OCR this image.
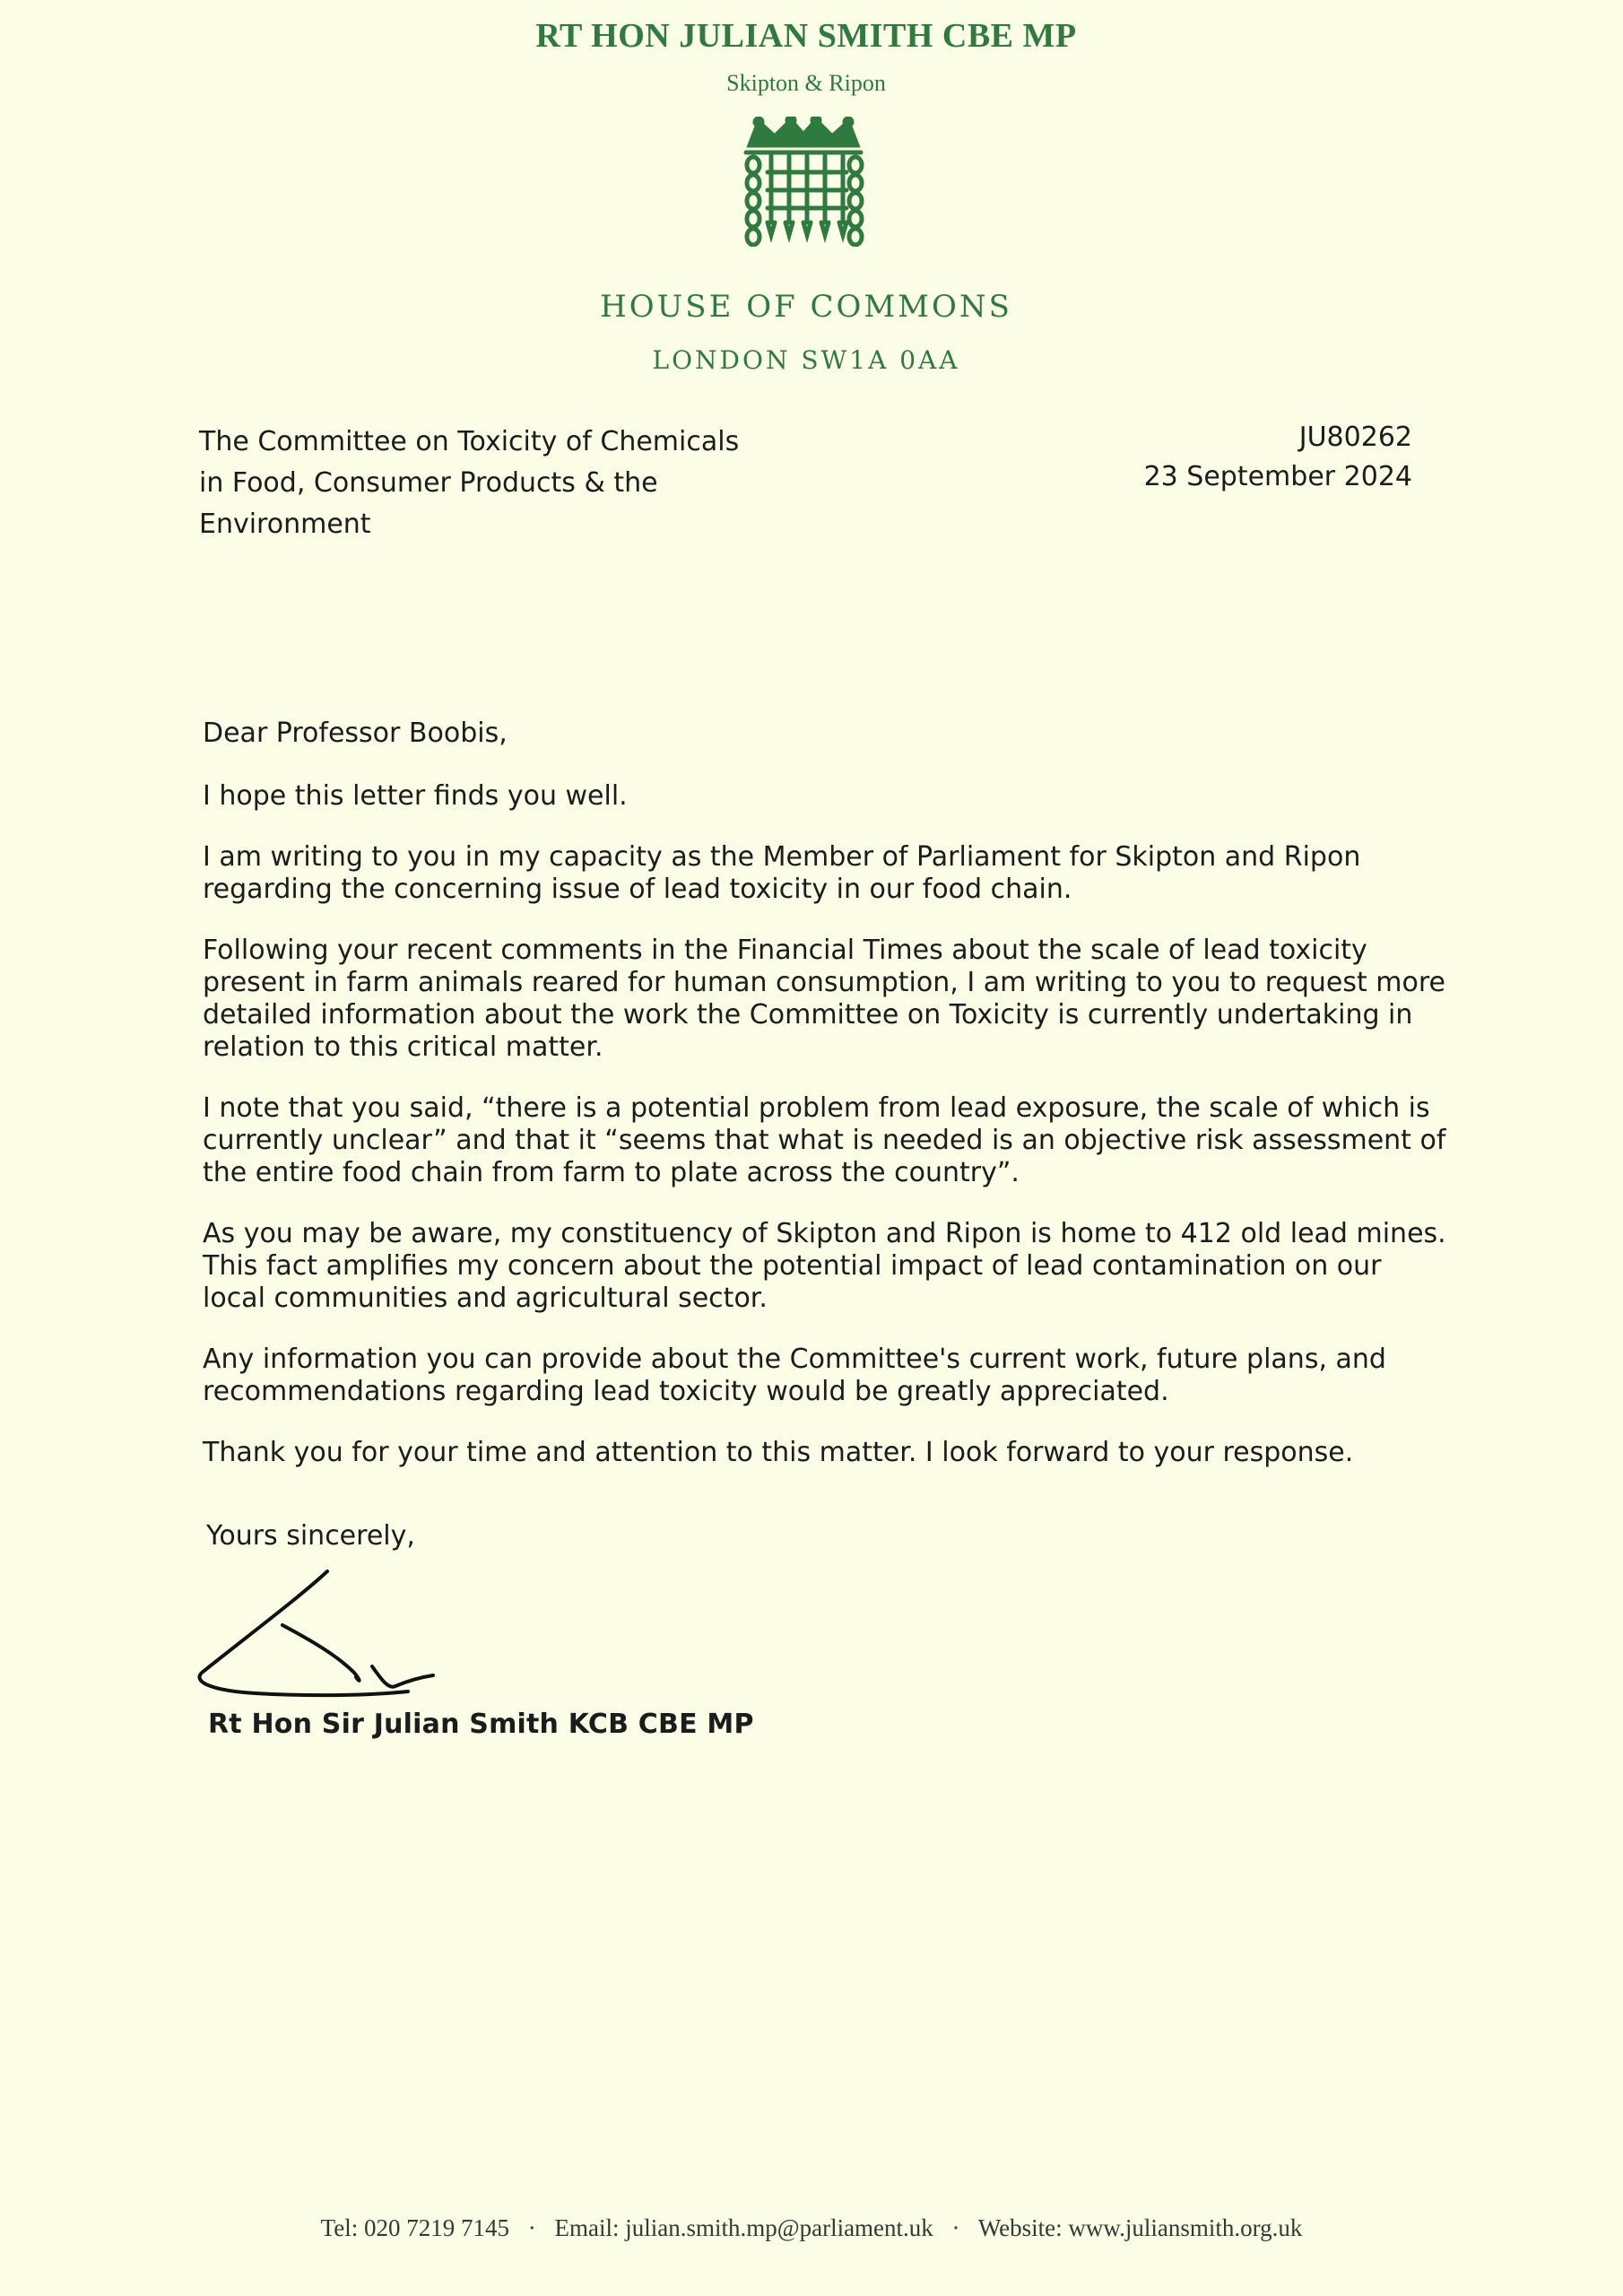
RT HON JULIAN SMITH CBE MP
Skipton & Ripon
HOUSE OF COMMONS
LONDON SW1A 0AA
The Committee on Toxicity of Chemicals
in Food, Consumer Products & the
Environment
JU80262
23 September 2024

Dear Professor Boobis,

I hope this letter finds you well.

I am writing to you in my capacity as the Member of Parliament for Skipton and Ripon regarding the concerning issue of lead toxicity in our food chain.

Following your recent comments in the Financial Times about the scale of lead toxicity present in farm animals reared for human consumption, I am writing to you to request more detailed information about the work the Committee on Toxicity is currently undertaking in relation to this critical matter.

I note that you said, “there is a potential problem from lead exposure, the scale of which is currently unclear” and that it “seems that what is needed is an objective risk assessment of the entire food chain from farm to plate across the country”.

As you may be aware, my constituency of Skipton and Ripon is home to 412 old lead mines. This fact amplifies my concern about the potential impact of lead contamination on our local communities and agricultural sector.

Any information you can provide about the Committee's current work, future plans, and recommendations regarding lead toxicity would be greatly appreciated.

Thank you for your time and attention to this matter. I look forward to your response.

Yours sincerely,
Rt Hon Sir Julian Smith KCB CBE MP
Tel: 020 7219 7145 · Email: julian.smith.mp@parliament.uk · Website: www.juliansmith.org.uk
